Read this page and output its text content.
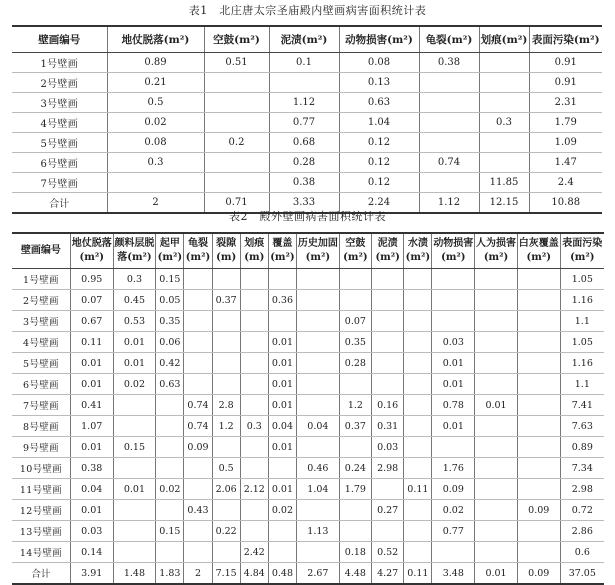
表1　北庄唐太宗圣庙殿内壁画病害面积统计表
壁画编号	地仗脱落(m²)	空鼓(m²)	泥渍(m²)	动物损害(m²)	龟裂(m²)	划痕(m²)	表面污染(m²)
1号壁画	0.89	0.51	0.1	0.08	0.38		0.91
2号壁画	0.21			0.13			0.91
3号壁画	0.5		1.12	0.63			2.31
4号壁画	0.02		0.77	1.04		0.3	1.79
5号壁画	0.08	0.2	0.68	0.12			1.09
6号壁画	0.3		0.28	0.12	0.74		1.47
7号壁画			0.38	0.12		11.85	2.4
合计	2	0.71	3.33	2.24	1.12	12.15	10.88
表2　殿外壁画病害面积统计表
壁画编号	地仗脱落(m²)	颜料层脱落(m²)	起甲(m²)	龟裂(m²)	裂隙(m)	划痕(m)	覆盖(m²)	历史加固(m²)	空鼓(m²)	泥渍(m²)	水渍(m²)	动物损害(m²)	人为损害(m²)	白灰覆盖(m²)	表面污染(m²)
1号壁画	0.95	0.3	0.15												1.05
2号壁画	0.07	0.45	0.05		0.37		0.36								1.16
3号壁画	0.67	0.53	0.35						0.07						1.1
4号壁画	0.11	0.01	0.06				0.01		0.35			0.03			1.05
5号壁画	0.01	0.01	0.42				0.01		0.28			0.01			1.16
6号壁画	0.01	0.02	0.63				0.01					0.01			1.1
7号壁画	0.41			0.74	2.8		0.01		1.2	0.16		0.78	0.01		7.41
8号壁画	1.07			0.74	1.2	0.3	0.04	0.04	0.37	0.31		0.01			7.63
9号壁画	0.01	0.15		0.09			0.01			0.03					0.89
10号壁画	0.38				0.5			0.46	0.24	2.98		1.76			7.34
11号壁画	0.04	0.01	0.02		2.06	2.12	0.01	1.04	1.79		0.11	0.09			2.98
12号壁画	0.01			0.43			0.02			0.27		0.02		0.09	0.72
13号壁画	0.03		0.15		0.22			1.13				0.77			2.86
14号壁画	0.14					2.42			0.18	0.52					0.6
合计	3.91	1.48	1.83	2	7.15	4.84	0.48	2.67	4.48	4.27	0.11	3.48	0.01	0.09	37.05
